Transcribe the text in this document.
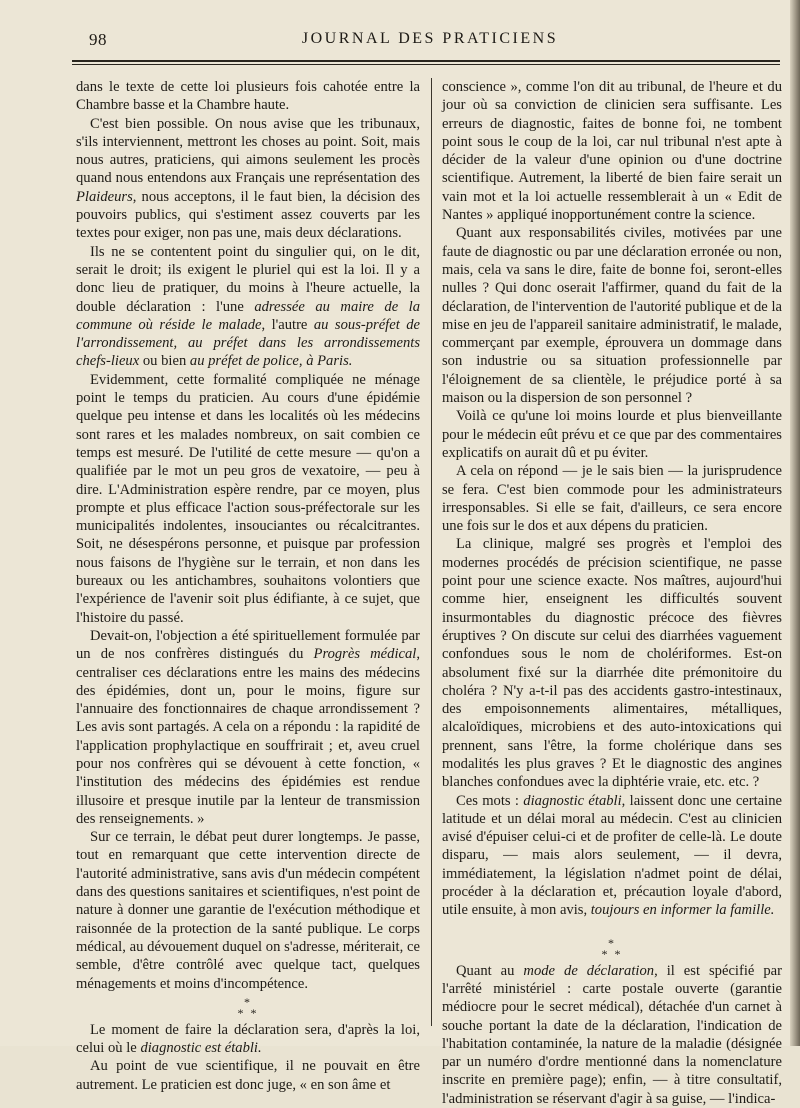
98	JOURNAL DES PRATICIENS

dans le texte de cette loi plusieurs fois cahotée entre la Chambre basse et la Chambre haute.

C'est bien possible. On nous avise que les tribunaux, s'ils interviennent, mettront les choses au point. Soit, mais nous autres, praticiens, qui aimons seulement les procès quand nous entendons aux Français une représentation des Plaideurs, nous acceptons, il le faut bien, la décision des pouvoirs publics, qui s'estiment assez couverts par les textes pour exiger, non pas une, mais deux déclarations.

Ils ne se contentent point du singulier qui, on le dit, serait le droit; ils exigent le pluriel qui est la loi. Il y a donc lieu de pratiquer, du moins à l'heure actuelle, la double déclaration : l'une adressée au maire de la commune où réside le malade, l'autre au sous-préfet de l'arrondissement, au préfet dans les arrondissements chefs-lieux ou bien au préfet de police, à Paris.

Evidemment, cette formalité compliquée ne ménage point le temps du praticien. Au cours d'une épidémie quelque peu intense et dans les localités où les médecins sont rares et les malades nombreux, on sait combien ce temps est mesuré. De l'utilité de cette mesure — qu'on a qualifiée par le mot un peu gros de vexatoire, — peu à dire. L'Administration espère rendre, par ce moyen, plus prompte et plus efficace l'action sous-préfectorale sur les municipalités indolentes, insouciantes ou récalcitrantes. Soit, ne désespérons personne, et puisque par profession nous faisons de l'hygiène sur le terrain, et non dans les bureaux ou les antichambres, souhaitons volontiers que l'expérience de l'avenir soit plus édifiante, à ce sujet, que l'histoire du passé.

Devait-on, l'objection a été spirituellement formulée par un de nos confrères distingués du Progrès médical, centraliser ces déclarations entre les mains des médecins des épidémies, dont un, pour le moins, figure sur l'annuaire des fonctionnaires de chaque arrondissement ? Les avis sont partagés. A cela on a répondu : la rapidité de l'application prophylactique en souffrirait ; et, aveu cruel pour nos confrères qui se dévouent à cette fonction, « l'institution des médecins des épidémies est rendue illusoire et presque inutile par la lenteur de transmission des renseignements. »

Sur ce terrain, le débat peut durer longtemps. Je passe, tout en remarquant que cette intervention directe de l'autorité administrative, sans avis d'un médecin compétent dans des questions sanitaires et scientifiques, n'est point de nature à donner une garantie de l'exécution méthodique et raisonnée de la protection de la santé publique. Le corps médical, au dévouement duquel on s'adresse, mériterait, ce semble, d'être contrôlé avec quelque tact, quelques ménagements et moins d'incompétence.

*
* *

Le moment de faire la déclaration sera, d'après la loi, celui où le diagnostic est établi.

Au point de vue scientifique, il ne pouvait en être autrement. Le praticien est donc juge, « en son âme et

conscience », comme l'on dit au tribunal, de l'heure et du jour où sa conviction de clinicien sera suffisante. Les erreurs de diagnostic, faites de bonne foi, ne tombent point sous le coup de la loi, car nul tribunal n'est apte à décider de la valeur d'une opinion ou d'une doctrine scientifique. Autrement, la liberté de bien faire serait un vain mot et la loi actuelle ressemblerait à un « Edit de Nantes » appliqué inopportunément contre la science.

Quant aux responsabilités civiles, motivées par une faute de diagnostic ou par une déclaration erronée ou non, mais, cela va sans le dire, faite de bonne foi, seront-elles nulles ? Qui donc oserait l'affirmer, quand du fait de la déclaration, de l'intervention de l'autorité publique et de la mise en jeu de l'appareil sanitaire administratif, le malade, commerçant par exemple, éprouvera un dommage dans son industrie ou sa situation professionnelle par l'éloignement de sa clientèle, le préjudice porté à sa maison ou la dispersion de son personnel ?

Voilà ce qu'une loi moins lourde et plus bienveillante pour le médecin eût prévu et ce que par des commentaires explicatifs on aurait dû et pu éviter.

A cela on répond — je le sais bien — la jurisprudence se fera. C'est bien commode pour les administrateurs irresponsables. Si elle se fait, d'ailleurs, ce sera encore une fois sur le dos et aux dépens du praticien.

La clinique, malgré ses progrès et l'emploi des modernes procédés de précision scientifique, ne passe point pour une science exacte. Nos maîtres, aujourd'hui comme hier, enseignent les difficultés souvent insurmontables du diagnostic précoce des fièvres éruptives ? On discute sur celui des diarrhées vaguement confondues sous le nom de cholériformes. Est-on absolument fixé sur la diarrhée dite prémonitoire du choléra ? N'y a-t-il pas des accidents gastro-intestinaux, des empoisonnements alimentaires, métalliques, alcaloïdiques, microbiens et des auto-intoxications qui prennent, sans l'être, la forme cholérique dans ses modalités les plus graves ? Et le diagnostic des angines blanches confondues avec la diphtérie vraie, etc. etc. ?

Ces mots : diagnostic établi, laissent donc une certaine latitude et un délai moral au médecin. C'est au clinicien avisé d'épuiser celui-ci et de profiter de celle-là. Le doute disparu, — mais alors seulement, — il devra, immédiatement, la législation n'admet point de délai, procéder à la déclaration et, précaution loyale d'abord, utile ensuite, à mon avis, toujours en informer la famille.

*
* *

Quant au mode de déclaration, il est spécifié par l'arrêté ministériel : carte postale ouverte (garantie médiocre pour le secret médical), détachée d'un carnet à souche portant la date de la déclaration, l'indication de l'habitation contaminée, la nature de la maladie (désignée par un numéro d'ordre mentionné dans la nomenclature inscrite en première page); enfin, — à titre consultatif, l'administration se réservant d'agir à sa guise, — l'indica-
